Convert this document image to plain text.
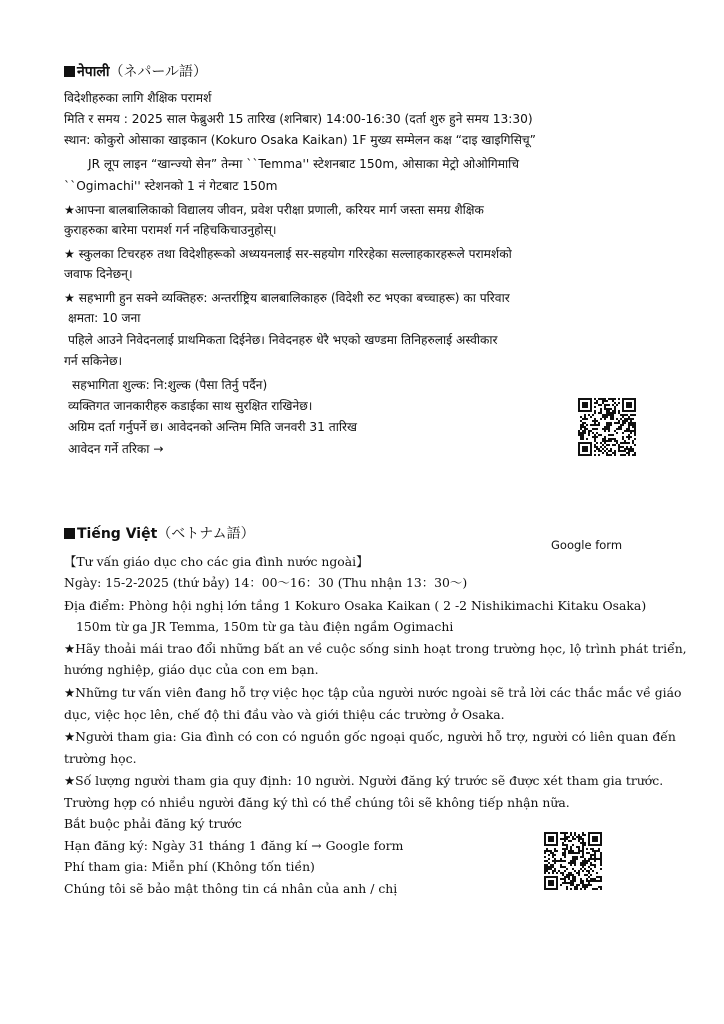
नेपाली（ネパール語）
विदेशीहरुका लागि शैक्षिक परामर्श
मिति र समय : 2025 साल फेब्रुअरी 15 तारिख (शनिबार) 14:00-16:30 (दर्ता शुरु हुने समय 13:30)
स्थान: कोकुरो ओसाका खाइकान (Kokuro Osaka Kaikan) 1F मुख्य सम्मेलन कक्ष “दाइ खाइगिसिचू”
JR लूप लाइन “खान्ज्यो सेन” तेन्मा ``Temma'' स्टेशनबाट 150m, ओसाका मेट्रो ओओगिमाचि
``Ogimachi'' स्टेशनको 1 नं गेटबाट 150m
★आफ्ना बालबालिकाको विद्यालय जीवन, प्रवेश परीक्षा प्रणाली, करियर मार्ग जस्ता समग्र शैक्षिक
कुराहरुका बारेमा परामर्श गर्न नहिचकिचाउनुहोस्।
★ स्कुलका टिचरहरु तथा विदेशीहरूको अध्ययनलाई सर-सहयोग गरिरहेका सल्लाहकारहरूले परामर्शको
जवाफ दिनेछन्।
★ सहभागी हुन सक्ने व्यक्तिहरु: अन्तर्राष्ट्रिय बालबालिकाहरु (विदेशी रुट भएका बच्चाहरू) का परिवार
क्षमता: 10 जना
पहिले आउने निवेदनलाई प्राथमिकता दिईनेछ। निवेदनहरु धेरै भएको खण्डमा तिनिहरुलाई अस्वीकार
गर्न सकिनेछ।
सहभागिता शुल्क: नि:शुल्क (पैसा तिर्नु पर्दैन)
व्यक्तिगत जानकारीहरु कडाईका साथ सुरक्षित राखिनेछ।
अग्रिम दर्ता गर्नुपर्ने छ। आवेदनको अन्तिम मिति जनवरी 31 तारिख
आवेदन गर्ने तरिका →
Google form
Tiếng Việt（ベトナム語）
【Tư vấn giáo dục cho các gia đình nước ngoài】
Ngày: 15-2-2025 (thứ bảy) 14：00～16：30 (Thu nhận 13：30～)
Địa điểm: Phòng hội nghị lớn tầng 1 Kokuro Osaka Kaikan ( 2 -2 Nishikimachi Kitaku Osaka)
150m từ ga JR Temma, 150m từ ga tàu điện ngầm Ogimachi
★Hãy thoải mái trao đổi những bất an về cuộc sống sinh hoạt trong trường học, lộ trình phát triển,
hướng nghiệp, giáo dục của con em bạn.
★Những tư vấn viên đang hỗ trợ việc học tập của người nước ngoài sẽ trả lời các thắc mắc về giáo
dục, việc học lên, chế độ thi đầu vào và giới thiệu các trường ở Osaka.
★Người tham gia: Gia đình có con có nguồn gốc ngoại quốc, người hỗ trợ, người có liên quan đến
trường học.
★Số lượng người tham gia quy định: 10 người. Người đăng ký trước sẽ được xét tham gia trước.
Trường hợp có nhiều người đăng ký thì có thể chúng tôi sẽ không tiếp nhận nữa.
Bắt buộc phải đăng ký trước
Hạn đăng ký: Ngày 31 tháng 1 đăng kí → Google form
Phí tham gia: Miễn phí (Không tốn tiền)
Chúng tôi sẽ bảo mật thông tin cá nhân của anh / chị
